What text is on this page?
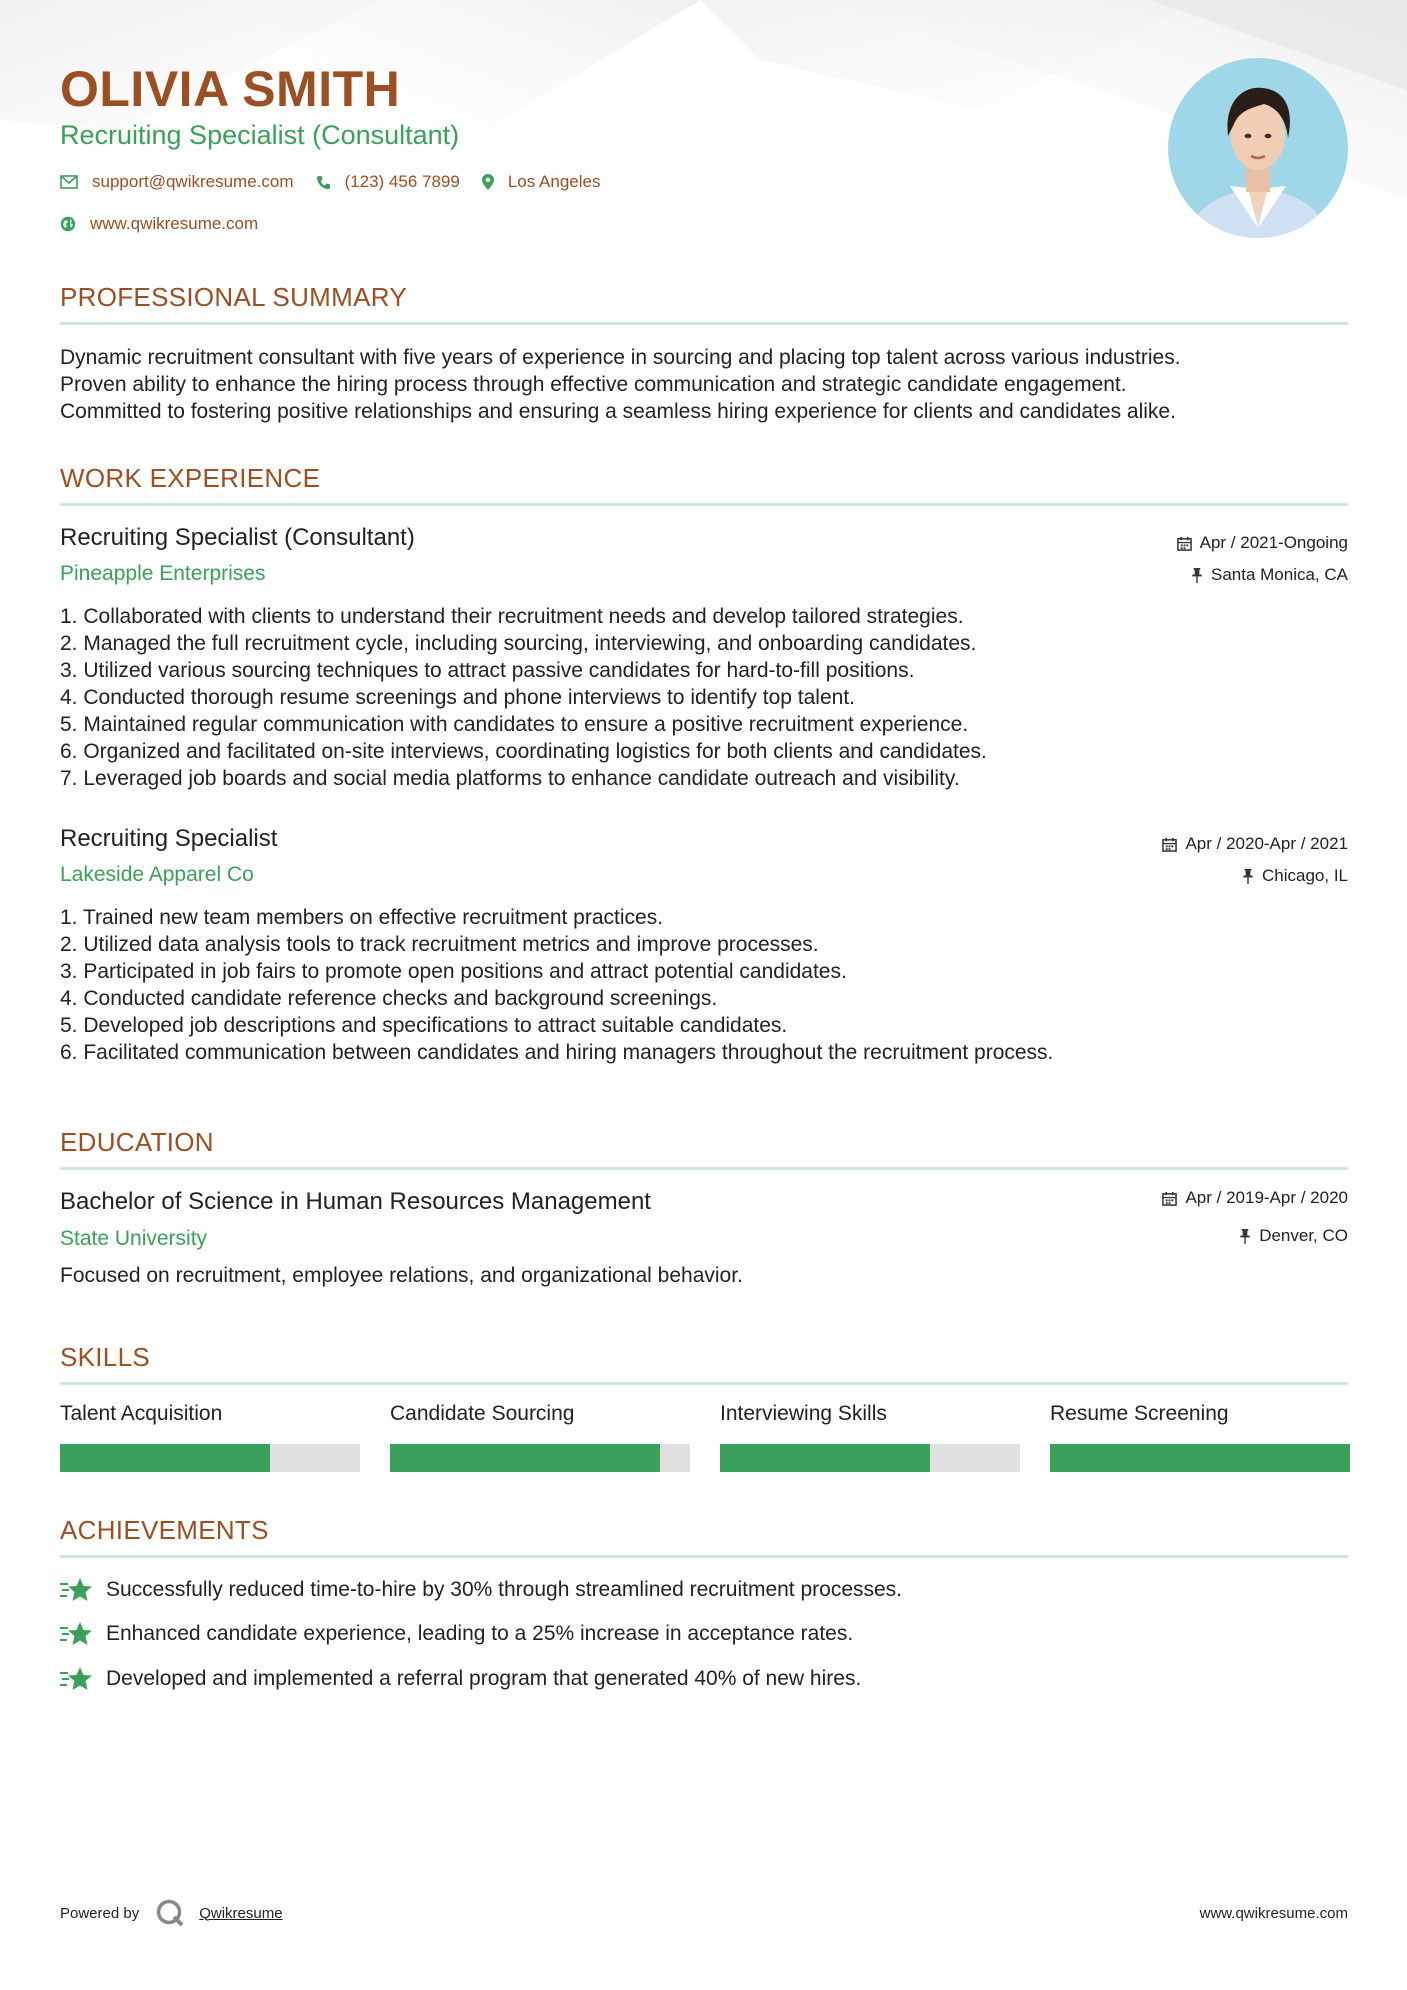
OLIVIA SMITH
Recruiting Specialist (Consultant)
support@qwikresume.com	(123) 456 7899	Los Angeles
www.qwikresume.com
PROFESSIONAL SUMMARY
Dynamic recruitment consultant with five years of experience in sourcing and placing top talent across various industries.
Proven ability to enhance the hiring process through effective communication and strategic candidate engagement.
Committed to fostering positive relationships and ensuring a seamless hiring experience for clients and candidates alike.
WORK EXPERIENCE
Recruiting Specialist (Consultant)
Pineapple Enterprises
Apr / 2021-Ongoing
Santa Monica, CA
1. Collaborated with clients to understand their recruitment needs and develop tailored strategies.
2. Managed the full recruitment cycle, including sourcing, interviewing, and onboarding candidates.
3. Utilized various sourcing techniques to attract passive candidates for hard-to-fill positions.
4. Conducted thorough resume screenings and phone interviews to identify top talent.
5. Maintained regular communication with candidates to ensure a positive recruitment experience.
6. Organized and facilitated on-site interviews, coordinating logistics for both clients and candidates.
7. Leveraged job boards and social media platforms to enhance candidate outreach and visibility.
Recruiting Specialist
Lakeside Apparel Co
Apr / 2020-Apr / 2021
Chicago, IL
1. Trained new team members on effective recruitment practices.
2. Utilized data analysis tools to track recruitment metrics and improve processes.
3. Participated in job fairs to promote open positions and attract potential candidates.
4. Conducted candidate reference checks and background screenings.
5. Developed job descriptions and specifications to attract suitable candidates.
6. Facilitated communication between candidates and hiring managers throughout the recruitment process.
EDUCATION
Bachelor of Science in Human Resources Management
State University
Apr / 2019-Apr / 2020
Denver, CO
Focused on recruitment, employee relations, and organizational behavior.
SKILLS
Talent Acquisition	Candidate Sourcing	Interviewing Skills	Resume Screening
ACHIEVEMENTS
Successfully reduced time-to-hire by 30% through streamlined recruitment processes.
Enhanced candidate experience, leading to a 25% increase in acceptance rates.
Developed and implemented a referral program that generated 40% of new hires.
Powered by	Qwikresume	www.qwikresume.com
